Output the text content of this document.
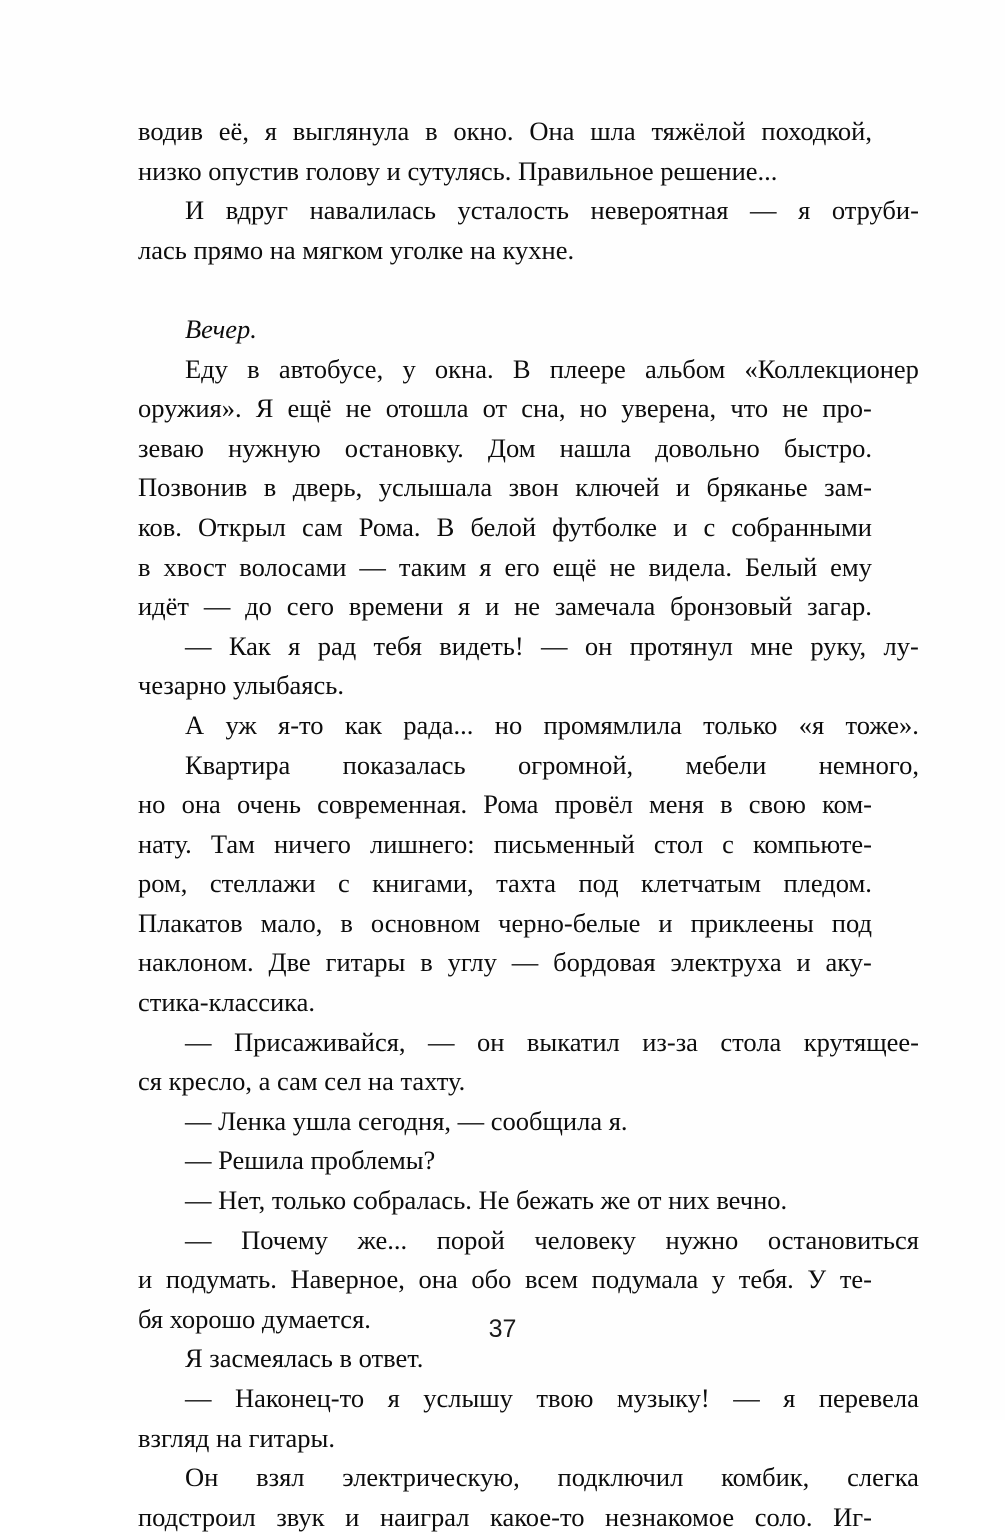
водив её, я выглянула в окно. Она шла тяжёлой походкой,
низко опустив голову и сутулясь. Правильное решение...
И вдруг навалилась усталость невероятная — я отруби-
лась прямо на мягком уголке на кухне.
Вечер.
Еду в автобусе, у окна. В плеере альбом «Коллекционер
оружия». Я ещё не отошла от сна, но уверена, что не про-
зеваю нужную остановку. Дом нашла довольно быстро.
Позвонив в дверь, услышала звон ключей и бряканье зам-
ков. Открыл сам Рома. В белой футболке и с собранными
в хвост волосами — таким я его ещё не видела. Белый ему
идёт — до сего времени я и не замечала бронзовый загар.
— Как я рад тебя видеть! — он протянул мне руку, лу-
чезарно улыбаясь.
А уж я-то как рада... но промямлила только «я тоже».
Квартира показалась огромной, мебели немного,
но она очень современная. Рома провёл меня в свою ком-
нату. Там ничего лишнего: письменный стол с компьюте-
ром, стеллажи с книгами, тахта под клетчатым пледом.
Плакатов мало, в основном черно-белые и приклеены под
наклоном. Две гитары в углу — бордовая электруха и аку-
стика-классика.
— Присаживайся, — он выкатил из-за стола крутящее-
ся кресло, а сам сел на тахту.
— Ленка ушла сегодня, — сообщила я.
— Решила проблемы?
— Нет, только собралась. Не бежать же от них вечно.
— Почему же... порой человеку нужно остановиться
и подумать. Наверное, она обо всем подумала у тебя. У те-
бя хорошо думается.
Я засмеялась в ответ.
— Наконец-то я услышу твою музыку! — я перевела
взгляд на гитары.
Он взял электрическую, подключил комбик, слегка
подстроил звук и наиграл какое-то незнакомое соло. Иг-
37
